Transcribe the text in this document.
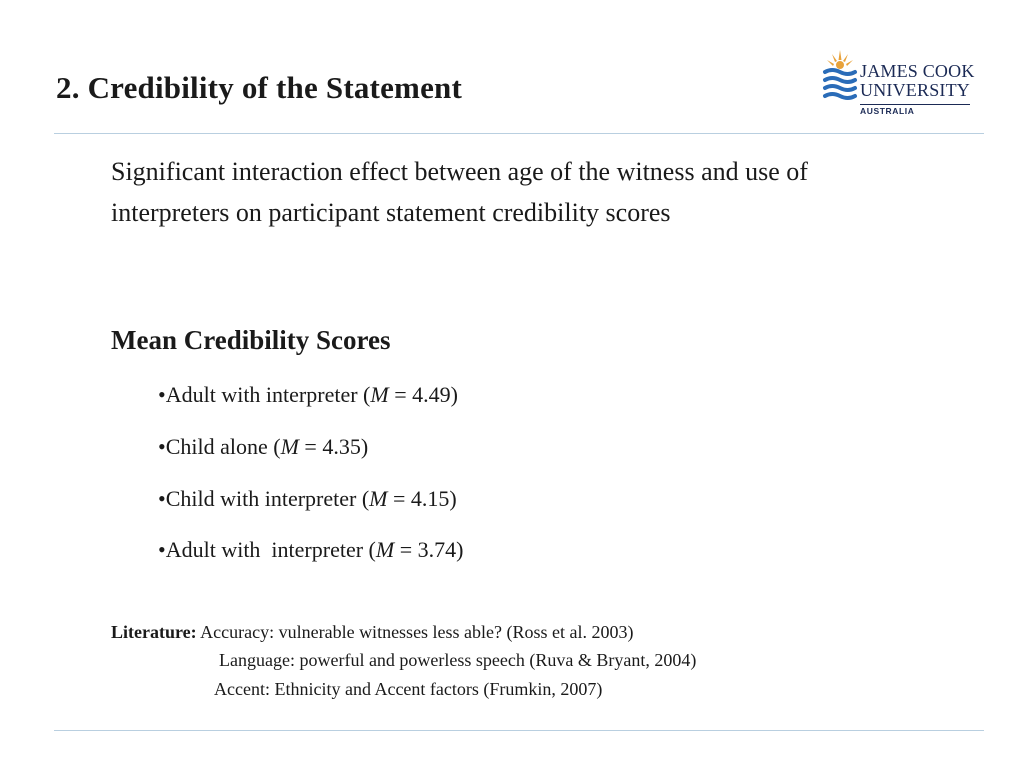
2. Credibility of the Statement	JAMES COOK
UNIVERSITY
AUSTRALIA
Significant interaction effect between age of the witness and use of interpreters on participant statement credibility scores
Mean Credibility Scores
•Adult with interpreter (M = 4.49)
•Child alone (M = 4.35)
•Child with interpreter (M = 4.15)
•Adult with  interpreter (M = 3.74)
Literature: Accuracy: vulnerable witnesses less able? (Ross et al. 2003)
Language: powerful and powerless speech (Ruva & Bryant, 2004)
Accent: Ethnicity and Accent factors (Frumkin, 2007)
